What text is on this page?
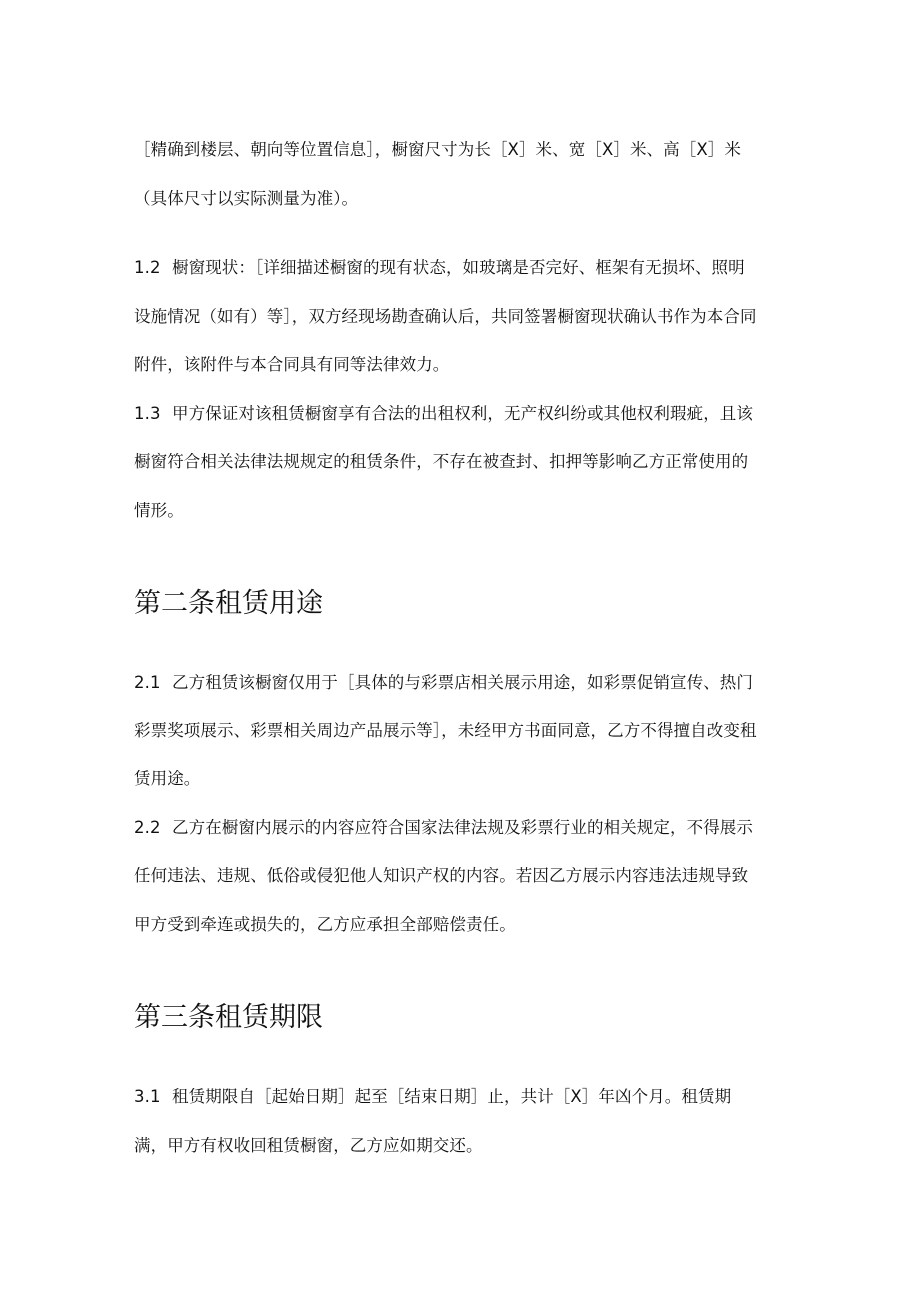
［精确到楼层、朝向等位置信息］，橱窗尺寸为长［X］米、宽［X］米、高［X］米
（具体尺寸以实际测量为准）。
1.2 橱窗现状：［详细描述橱窗的现有状态，如玻璃是否完好、框架有无损坏、照明
设施情况（如有）等］，双方经现场勘查确认后，共同签署橱窗现状确认书作为本合同
附件，该附件与本合同具有同等法律效力。
1.3 甲方保证对该租赁橱窗享有合法的出租权利，无产权纠纷或其他权利瑕疵，且该
橱窗符合相关法律法规规定的租赁条件，不存在被查封、扣押等影响乙方正常使用的
情形。
第二条租赁用途
2.1 乙方租赁该橱窗仅用于［具体的与彩票店相关展示用途，如彩票促销宣传、热门
彩票奖项展示、彩票相关周边产品展示等］，未经甲方书面同意，乙方不得擅自改变租
赁用途。
2.2 乙方在橱窗内展示的内容应符合国家法律法规及彩票行业的相关规定，不得展示
任何违法、违规、低俗或侵犯他人知识产权的内容。若因乙方展示内容违法违规导致
甲方受到牵连或损失的，乙方应承担全部赔偿责任。
第三条租赁期限
3.1 租赁期限自［起始日期］起至［结束日期］止，共计［X］年凶个月。租赁期
满，甲方有权收回租赁橱窗，乙方应如期交还。
